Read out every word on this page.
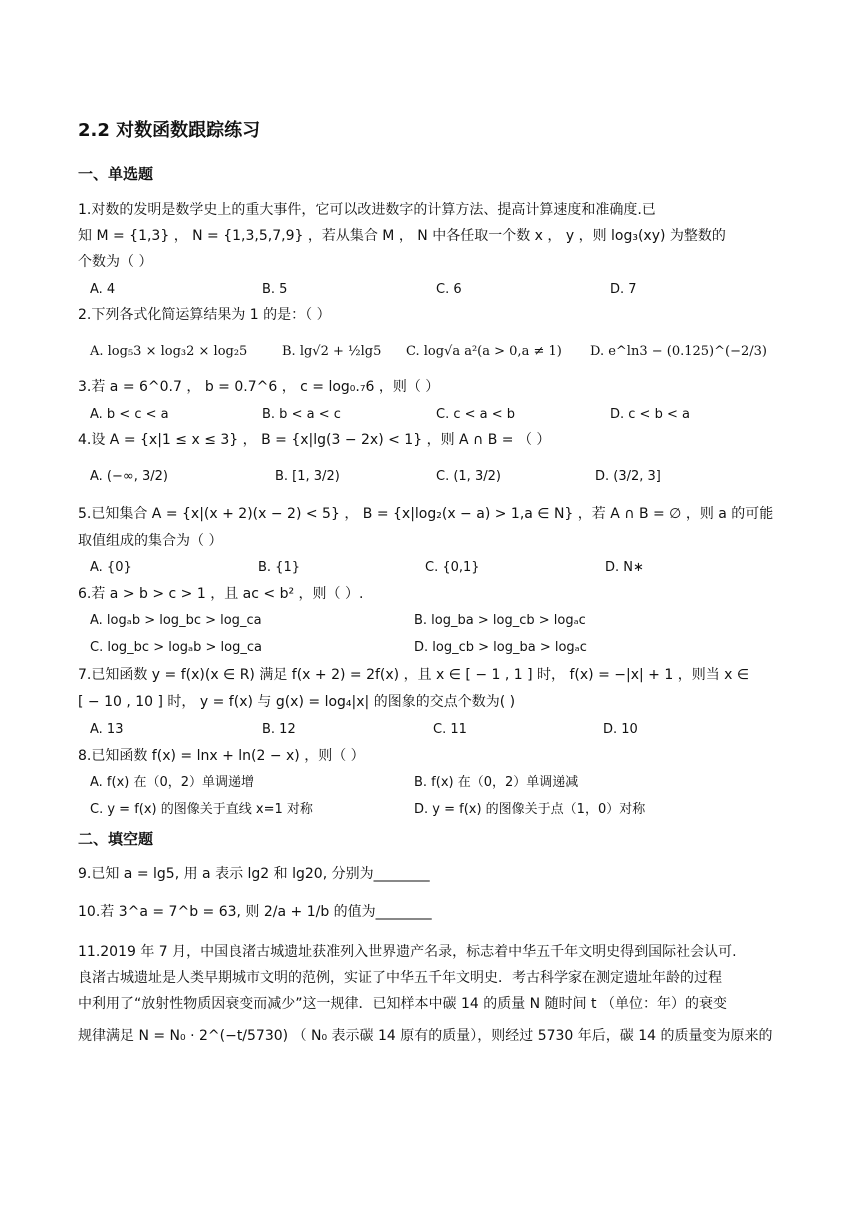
2.2 对数函数跟踪练习
一、单选题
1.对数的发明是数学史上的重大事件，它可以改进数字的计算方法、提高计算速度和准确度.已
知 M = {1,3} ， N = {1,3,5,7,9} ，若从集合 M ， N 中各任取一个数 x ， y ，则 log₃(xy) 为整数的
个数为（ ）
A. 4	B. 5	C. 6	D. 7
2.下列各式化简运算结果为 1 的是：（ ）
A. log₅3 × log₃2 × log₂5	B. lg√2 + ½lg5 C. log√a a²(a > 0,a ≠ 1) D. e^ln3 − (0.125)^(−2/3)
3.若 a = 6^0.7 ， b = 0.7^6 ， c = log₀.₇6 ，则（ ）
A. b < c < a	B. b < a < c	C. c < a < b	D. c < b < a
4.设 A = {x|1 ≤ x ≤ 3} ， B = {x|lg(3 − 2x) < 1} ，则 A ∩ B = （ ）
A. (−∞, 3/2)	B. [1, 3/2)	C. (1, 3/2)	D. (3/2, 3]
5.已知集合 A = {x|(x + 2)(x − 2) < 5} ， B = {x|log₂(x − a) > 1,a ∈ N} ，若 A ∩ B = ∅ ，则 a 的可能
取值组成的集合为（ ）
A. {0}	B. {1}	C. {0,1}	D. N∗
6.若 a > b > c > 1 ，且 ac < b² ，则（ ）.
A. logₐb > log_bc > log_ca	B. log_ba > log_cb > logₐc
C. log_bc > logₐb > log_ca	D. log_cb > log_ba > logₐc
7.已知函数 y = f(x)(x ∈ R) 满足 f(x + 2) = 2f(x) ，且 x ∈ [ − 1 , 1 ] 时， f(x) = −|x| + 1 ，则当 x ∈
[ − 10 , 10 ] 时， y = f(x) 与 g(x) = log₄|x| 的图象的交点个数为( )
A. 13	B. 12	C. 11	D. 10
8.已知函数 f(x) = lnx + ln(2 − x) ，则（ ）
A. f(x) 在（0，2）单调递增	B. f(x) 在（0，2）单调递减
C. y = f(x) 的图像关于直线 x=1 对称	D. y = f(x) 的图像关于点（1，0）对称
二、填空题
9.已知 a = lg5, 用 a 表示 lg2 和 lg20, 分别为________
10.若 3^a = 7^b = 63, 则 2/a + 1/b 的值为________
11.2019 年 7 月，中国良渚古城遗址获准列入世界遗产名录，标志着中华五千年文明史得到国际社会认可.
良渚古城遗址是人类早期城市文明的范例，实证了中华五千年文明史．考古科学家在测定遗址年龄的过程
中利用了“放射性物质因衰变而减少”这一规律．已知样本中碳 14 的质量 N 随时间 t （单位：年）的衰变
规律满足 N = N₀ · 2^(−t/5730) （ N₀ 表示碳 14 原有的质量），则经过 5730 年后，碳 14 的质量变为原来的
